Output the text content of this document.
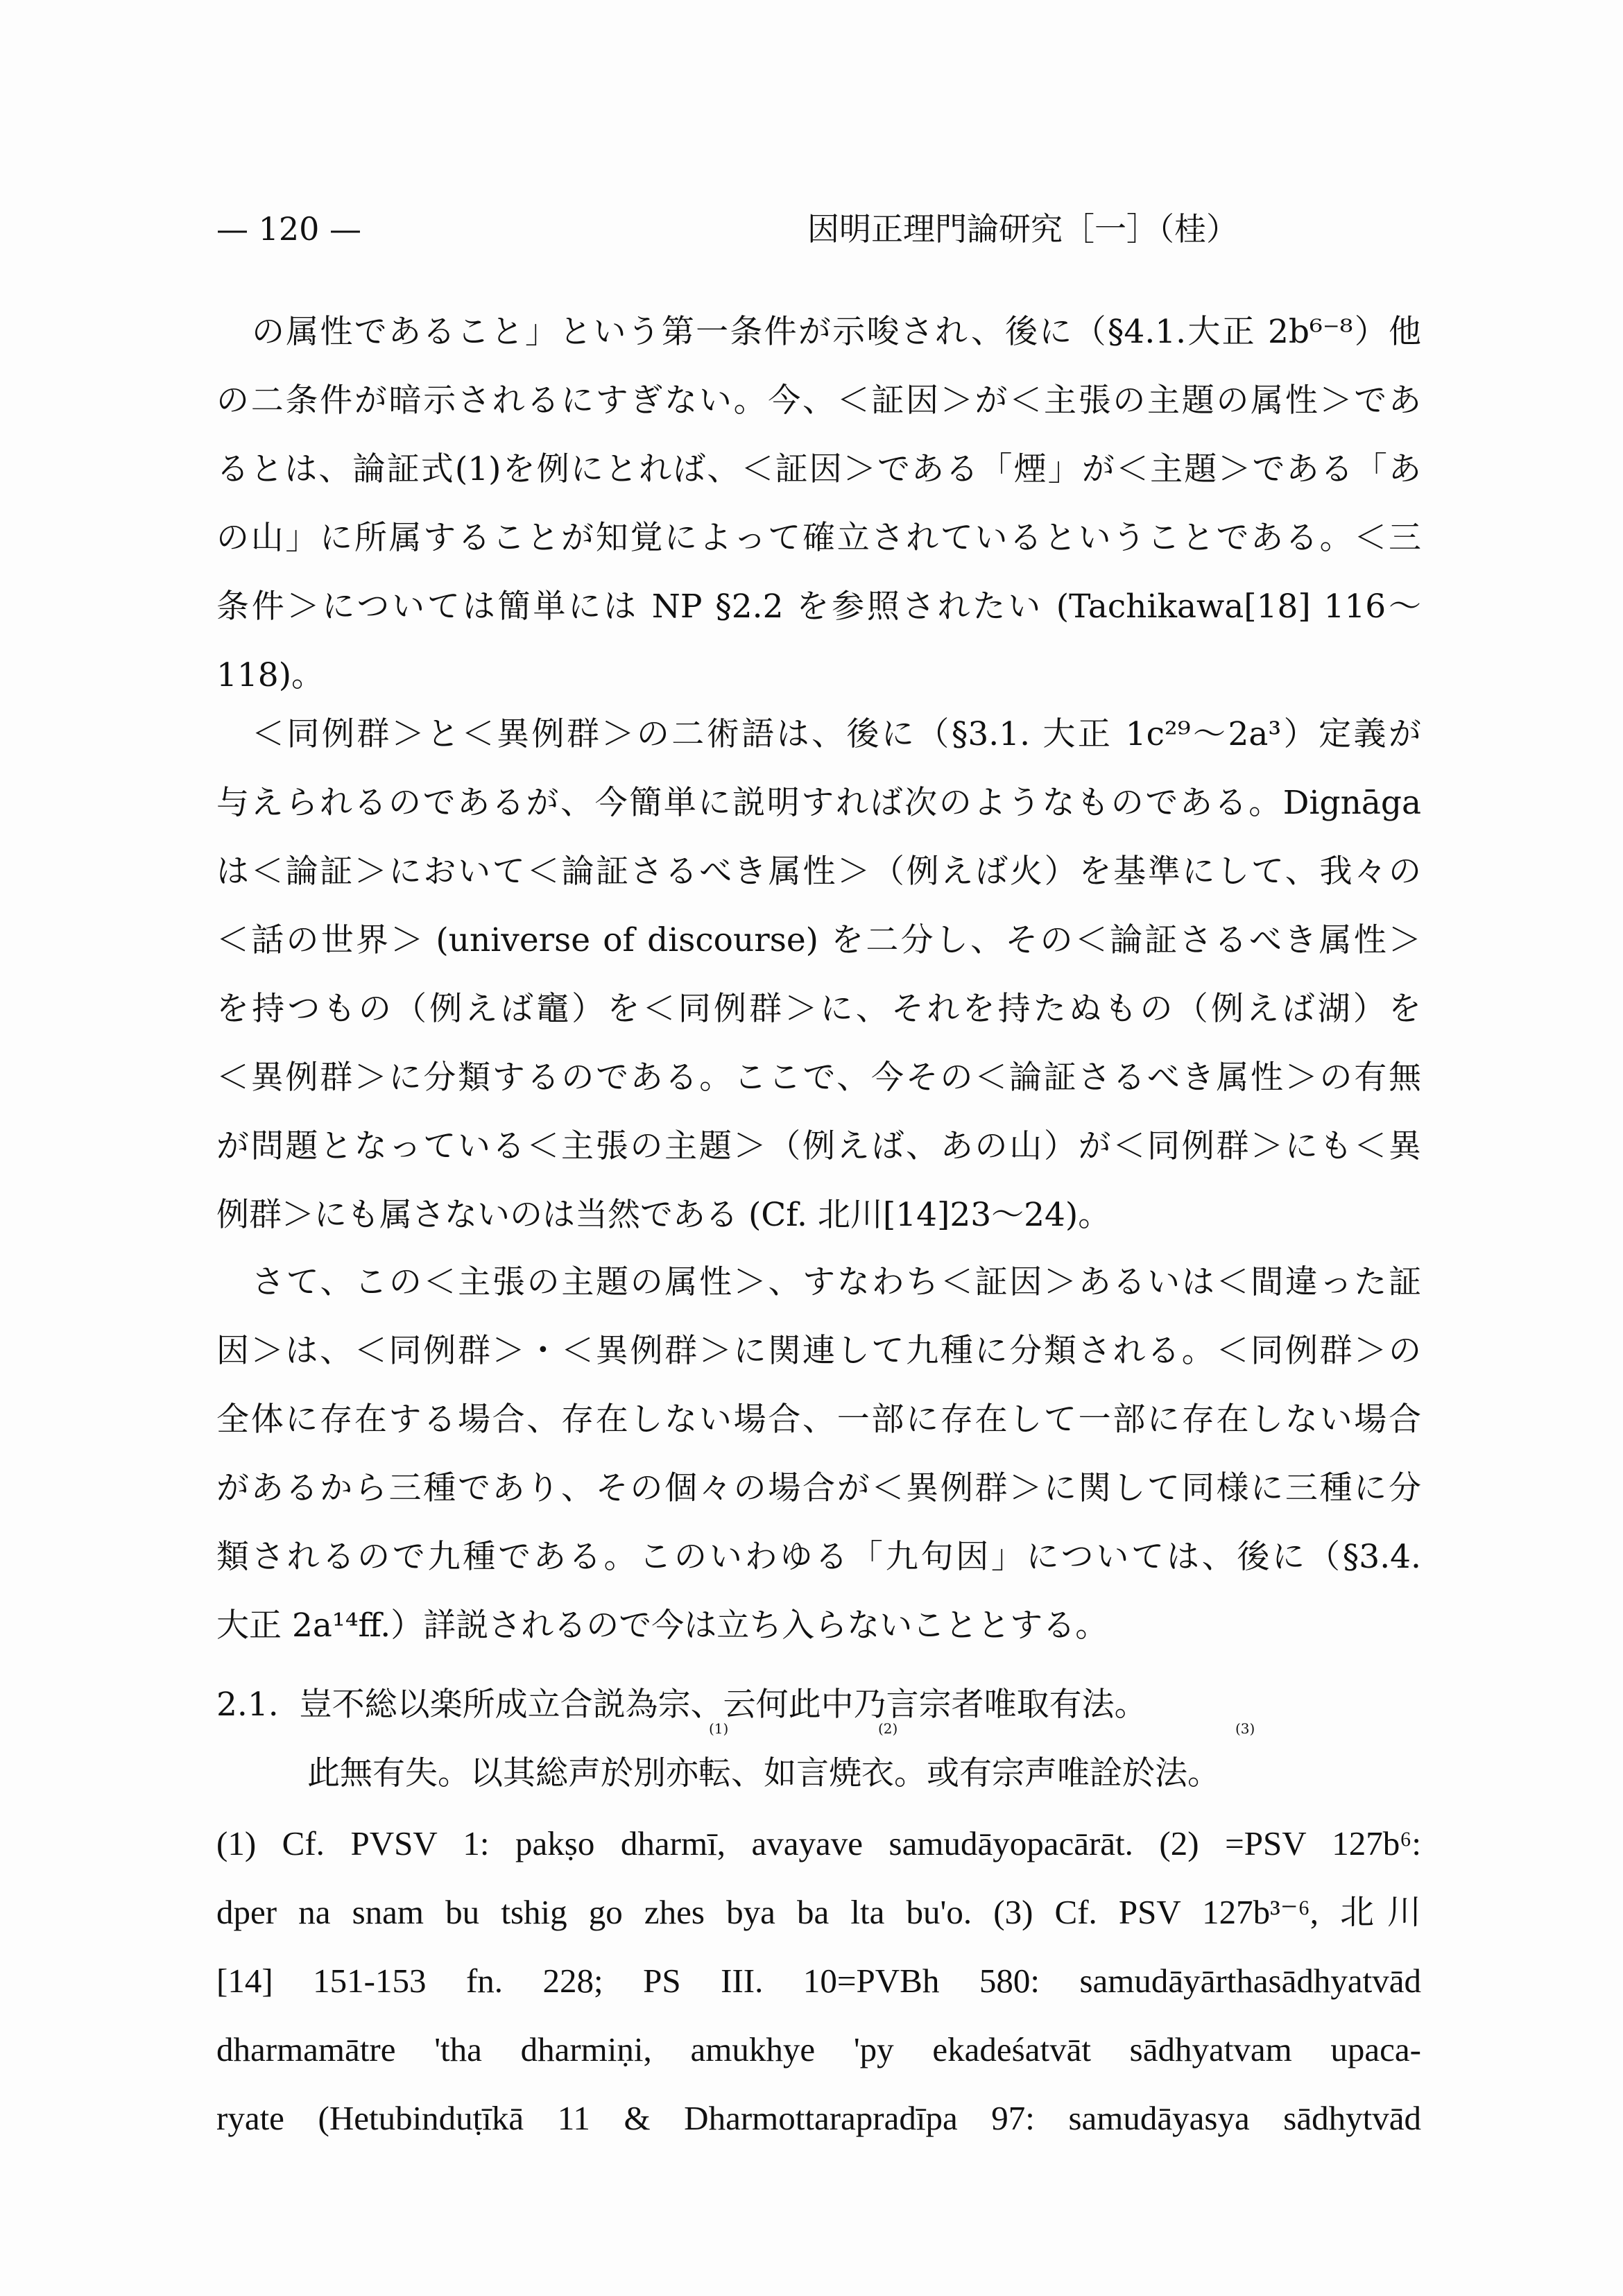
— 120 —	因明正理門論研究［一］（桂）
の属性であること」という第一条件が示唆され、後に（§4.1.大正 2b⁶⁻⁸）他
の二条件が暗示されるにすぎない。今、＜証因＞が＜主張の主題の属性＞であ
るとは、論証式(1)を例にとれば、＜証因＞である「煙」が＜主題＞である「あ
の山」に所属することが知覚によって確立されているということである。＜三
条件＞については簡単には NP §2.2 を参照されたい (Tachikawa[18] 116～
118)。
＜同例群＞と＜異例群＞の二術語は、後に（§3.1. 大正 1c²⁹～2a³）定義が
与えられるのであるが、今簡単に説明すれば次のようなものである。Dignāga
は＜論証＞において＜論証さるべき属性＞（例えば火）を基準にして、我々の
＜話の世界＞ (universe of discourse) を二分し、その＜論証さるべき属性＞
を持つもの（例えば竈）を＜同例群＞に、それを持たぬもの（例えば湖）を
＜異例群＞に分類するのである。ここで、今その＜論証さるべき属性＞の有無
が問題となっている＜主張の主題＞（例えば、あの山）が＜同例群＞にも＜異
例群＞にも属さないのは当然である (Cf. 北川[14]23～24)。
さて、この＜主張の主題の属性＞、すなわち＜証因＞あるいは＜間違った証
因＞は、＜同例群＞・＜異例群＞に関連して九種に分類される。＜同例群＞の
全体に存在する場合、存在しない場合、一部に存在して一部に存在しない場合
があるから三種であり、その個々の場合が＜異例群＞に関して同様に三種に分
類されるので九種である。このいわゆる「九句因」については、後に（§3.4.
大正 2a¹⁴ff.）詳説されるので今は立ち入らないこととする。
2.1. 豈不総以楽所成立合説為宗、云何此中乃言宗者唯取有法。
此無有失。以其総声於別亦転、如言焼衣。或有宗声唯詮於法。
(1)	(2)	(3)
(1) Cf. PVSV 1: pakṣo dharmī, avayave samudāyopacārāt. (2) =PSV 127b⁶:
dper na snam bu tshig go zhes bya ba lta bu'o. (3) Cf. PSV 127b³⁻⁶, 北川
[14] 151-153 fn. 228; PS III. 10=PVBh 580: samudāyārthasādhyatvād
dharmamātre 'tha dharmiṇi, amukhye 'py ekadeśatvāt sādhyatvam upaca-
ryate (Hetubinduṭīkā 11 & Dharmottarapradīpa 97: samudāyasya sādhytvād
